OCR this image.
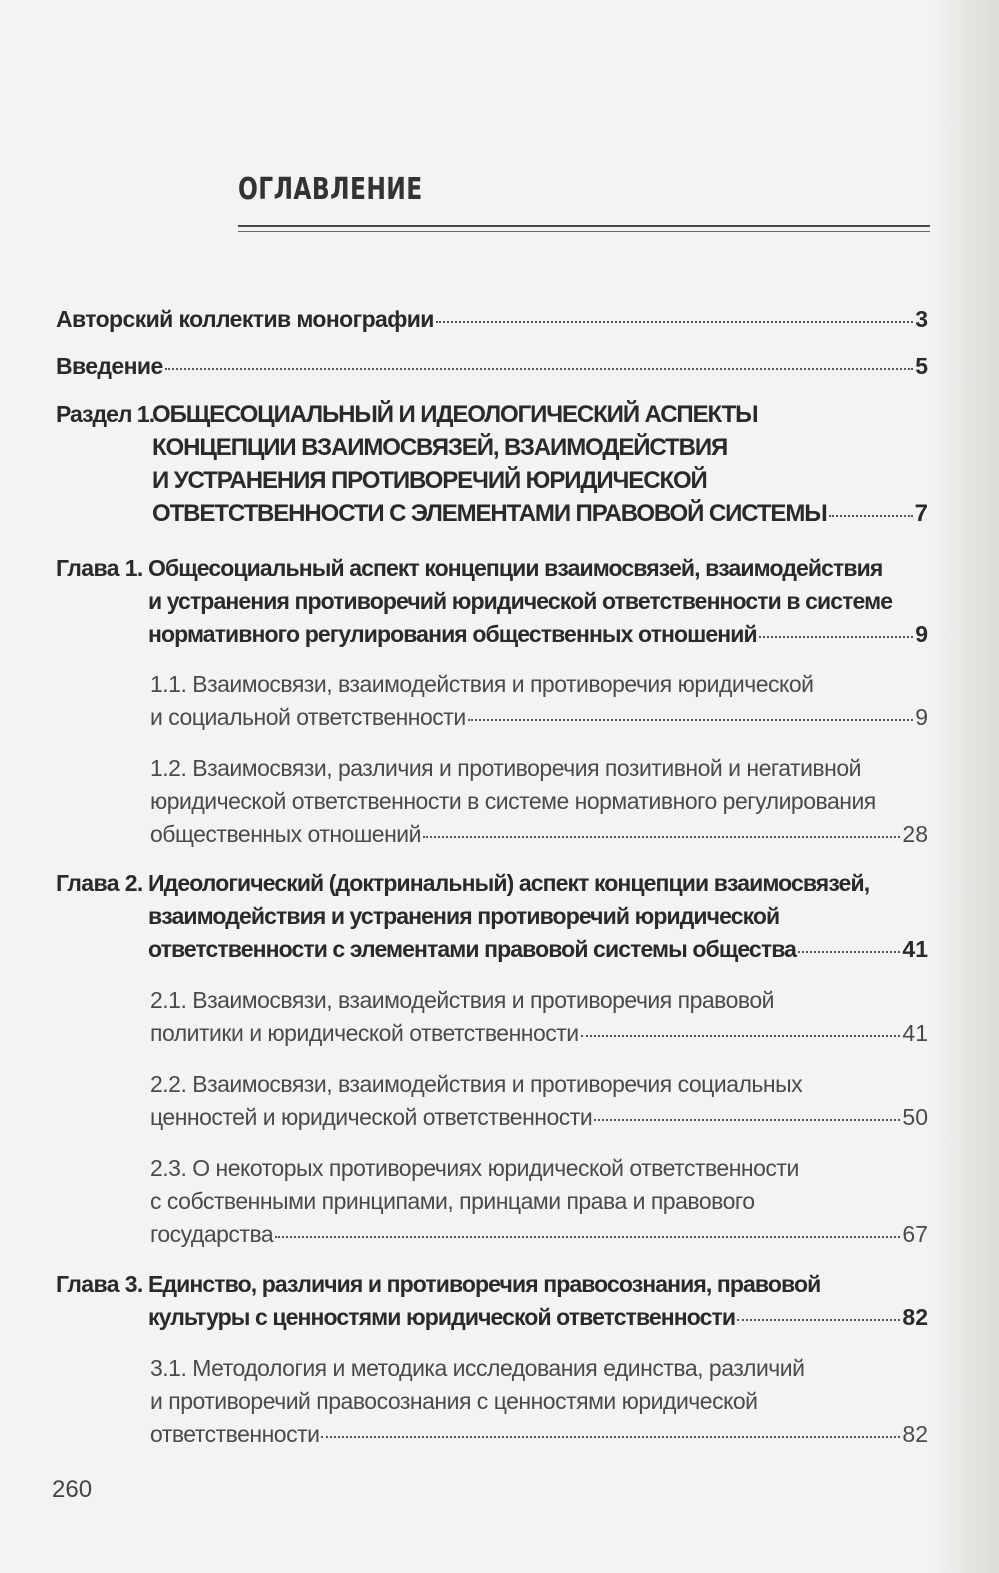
ОГЛАВЛЕНИЕ
Авторский коллектив монографии	3
Введение	5
Раздел 1.
ОБЩЕСОЦИАЛЬНЫЙ И ИДЕОЛОГИЧЕСКИЙ АСПЕКТЫ
КОНЦЕПЦИИ ВЗАИМОСВЯЗЕЙ, ВЗАИМОДЕЙСТВИЯ
И УСТРАНЕНИЯ ПРОТИВОРЕЧИЙ ЮРИДИЧЕСКОЙ
ОТВЕТСТВЕННОСТИ С ЭЛЕМЕНТАМИ ПРАВОВОЙ СИСТЕМЫ	7
Глава 1. Общесоциальный аспект концепции взаимосвязей, взаимодействия
и устранения противоречий юридической ответственности в системе
нормативного регулирования общественных отношений	9
1.1. Взаимосвязи, взаимодействия и противоречия юридической
и социальной ответственности	9
1.2. Взаимосвязи, различия и противоречия позитивной и негативной
юридической ответственности в системе нормативного регулирования
общественных отношений	28
Глава 2. Идеологический (доктринальный) аспект концепции взаимосвязей,
взаимодействия и устранения противоречий юридической
ответственности с элементами правовой системы общества	41
2.1. Взаимосвязи, взаимодействия и противоречия правовой
политики и юридической ответственности	41
2.2. Взаимосвязи, взаимодействия и противоречия социальных
ценностей и юридической ответственности	50
2.3. О некоторых противоречиях юридической ответственности
с собственными принципами, принцами права и правового
государства	67
Глава 3. Единство, различия и противоречия правосознания, правовой
культуры с ценностями юридической ответственности	82
3.1. Методология и методика исследования единства, различий
и противоречий правосознания с ценностями юридической
ответственности	82
260
